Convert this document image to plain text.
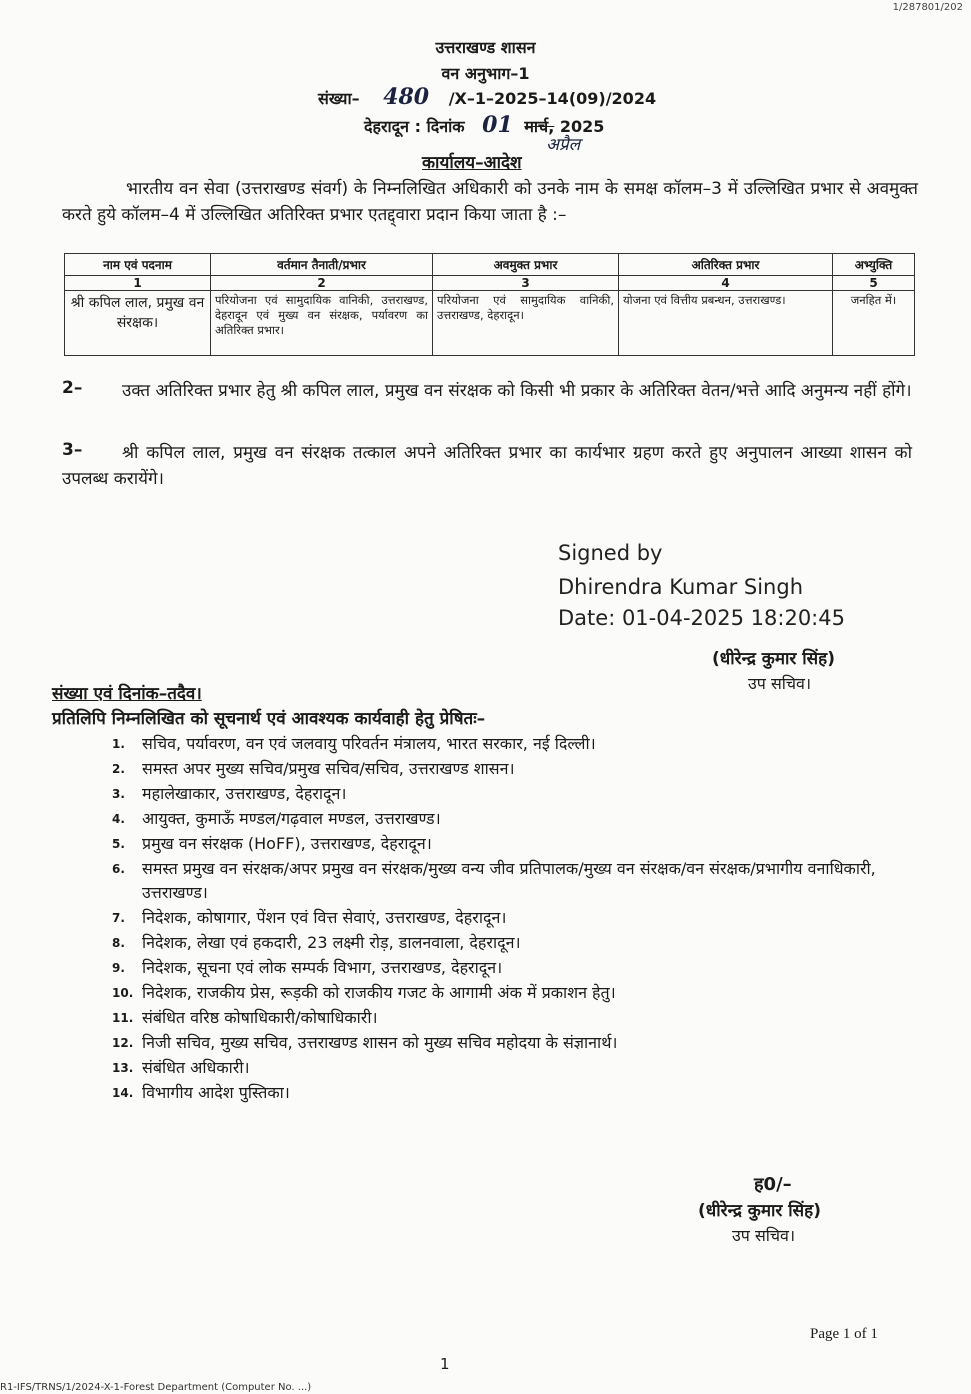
1/287801/202
उत्तराखण्ड शासन
वन अनुभाग–1
संख्या– 480 /X–1–2025–14(09)/2024
देहरादून : दिनांक 01 मार्च, 2025
अप्रैल
कार्यालय–आदेश
भारतीय वन सेवा (उत्तराखण्ड संवर्ग) के निम्नलिखित अधिकारी को उनके नाम के समक्ष कॉलम–3 में उल्लिखित प्रभार से अवमुक्त करते हुये कॉलम–4 में उल्लिखित अतिरिक्त प्रभार एतद्द्वारा प्रदान किया जाता है :–
नाम एवं पदनाम	वर्तमान तैनाती/प्रभार	अवमुक्त प्रभार	अतिरिक्त प्रभार	अभ्युक्ति
1	2	3	4	5
श्री कपिल लाल, प्रमुख वन संरक्षक।	परियोजना एवं सामुदायिक वानिकी, उत्तराखण्ड, देहरादून एवं मुख्य वन संरक्षक, पर्यावरण का अतिरिक्त प्रभार।	परियोजना एवं सामुदायिक वानिकी, उत्तराखण्ड, देहरादून।	योजना एवं वित्तीय प्रबन्धन, उत्तराखण्ड।	जनहित में।
2–	उक्त अतिरिक्त प्रभार हेतु श्री कपिल लाल, प्रमुख वन संरक्षक को किसी भी प्रकार के अतिरिक्त वेतन/भत्ते आदि अनुमन्य नहीं होंगे।
3–	श्री कपिल लाल, प्रमुख वन संरक्षक तत्काल अपने अतिरिक्त प्रभार का कार्यभार ग्रहण करते हुए अनुपालन आख्या शासन को उपलब्ध करायेंगे।
Signed by
Dhirendra Kumar Singh
Date: 01-04-2025 18:20:45
(धीरेन्द्र कुमार सिंह)
उप सचिव।
संख्या एवं दिनांक–तदैव।
प्रतिलिपि निम्नलिखित को सूचनार्थ एवं आवश्यक कार्यवाही हेतु प्रेषितः–
1. सचिव, पर्यावरण, वन एवं जलवायु परिवर्तन मंत्रालय, भारत सरकार, नई दिल्ली।
2. समस्त अपर मुख्य सचिव/प्रमुख सचिव/सचिव, उत्तराखण्ड शासन।
3. महालेखाकार, उत्तराखण्ड, देहरादून।
4. आयुक्त, कुमाऊँ मण्डल/गढ़वाल मण्डल, उत्तराखण्ड।
5. प्रमुख वन संरक्षक (HoFF), उत्तराखण्ड, देहरादून।
6. समस्त प्रमुख वन संरक्षक/अपर प्रमुख वन संरक्षक/मुख्य वन्य जीव प्रतिपालक/मुख्य वन संरक्षक/वन संरक्षक/प्रभागीय वनाधिकारी, उत्तराखण्ड।
7. निदेशक, कोषागार, पेंशन एवं वित्त सेवाएं, उत्तराखण्ड, देहरादून।
8. निदेशक, लेखा एवं हकदारी, 23 लक्ष्मी रोड़, डालनवाला, देहरादून।
9. निदेशक, सूचना एवं लोक सम्पर्क विभाग, उत्तराखण्ड, देहरादून।
10. निदेशक, राजकीय प्रेस, रूड़की को राजकीय गजट के आगामी अंक में प्रकाशन हेतु।
11. संबंधित वरिष्ठ कोषाधिकारी/कोषाधिकारी।
12. निजी सचिव, मुख्य सचिव, उत्तराखण्ड शासन को मुख्य सचिव महोदया के संज्ञानार्थ।
13. संबंधित अधिकारी।
14. विभागीय आदेश पुस्तिका।
ह0/–
(धीरेन्द्र कुमार सिंह)
उप सचिव।
Page 1 of 1
1
R1-IFS/TRNS/1/2024-X-1-Forest Department (Computer No. ...)
